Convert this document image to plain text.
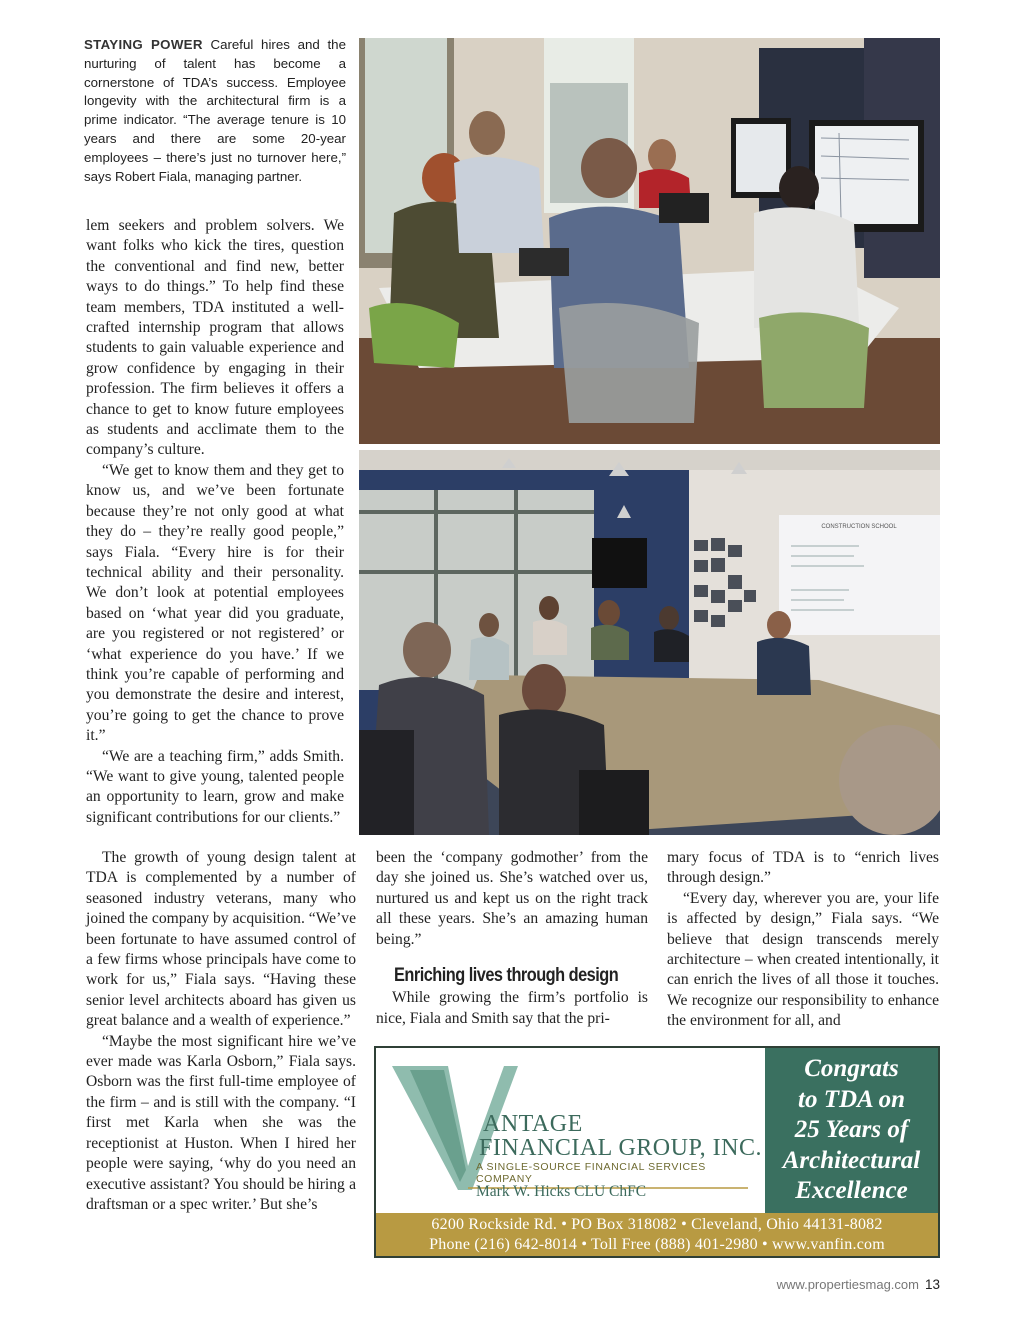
STAYING POWER Careful hires and the nurturing of talent has become a cornerstone of TDA’s success. Employee longevity with the architectural firm is a prime indicator. “The average tenure is 10 years and there are some 20-year employees – there’s just no turnover here,” says Robert Fiala, managing partner.

lem seekers and problem solvers. We want folks who kick the tires, question the conventional and find new, better ways to do things.” To help find these team members, TDA instituted a well-crafted internship program that allows students to gain valuable experience and grow confidence by engaging in their profession. The firm believes it offers a chance to get to know future employees as students and acclimate them to the company’s culture.

“We get to know them and they get to know us, and we’ve been fortunate because they’re not only good at what they do – they’re really good people,” says Fiala. “Every hire is for their technical ability and their personality. We don’t look at potential employees based on ‘what year did you graduate, are you registered or not registered’ or ‘what experience do you have.’ If we think you’re capable of performing and you demonstrate the desire and interest, you’re going to get the chance to prove it.”

“We are a teaching firm,” adds Smith. “We want to give young, talented people an opportunity to learn, grow and make significant contributions for our clients.”

The growth of young design talent at TDA is complemented by a number of seasoned industry veterans, many who joined the company by acquisition. “We’ve been fortunate to have assumed control of a few firms whose principals have come to work for us,” Fiala says. “Having these senior level architects aboard has given us great balance and a wealth of experience.”

“Maybe the most significant hire we’ve ever made was Karla Osborn,” Fiala says. Osborn was the first full-time employee of the firm – and is still with the company. “I first met Karla when she was the receptionist at Huston. When I hired her people were saying, ‘why do you need an executive assistant? You should be hiring a draftsman or a spec writer.’ But she’s

been the ‘company godmother’ from the day she joined us. She’s watched over us, nurtured us and kept us on the right track all these years. She’s an amazing human being.”

Enriching lives through design

While growing the firm’s portfolio is nice, Fiala and Smith say that the pri-

mary focus of TDA is to “enrich lives through design.”

“Every day, wherever you are, your life is affected by design,” Fiala says. “We believe that design transcends merely architecture – when created intentionally, it can enrich the lives of all those it touches. We recognize our responsibility to enhance the environment for all, and

CONSTRUCTION SCHOOL
ANTAGE
FINANCIAL GROUP, INC.
A SINGLE-SOURCE FINANCIAL SERVICES COMPANY
Mark W. Hicks CLU ChFC
Congrats
to TDA on
25 Years of
Architectural
Excellence
6200 Rockside Rd. • PO Box 318082 • Cleveland, Ohio 44131-8082
Phone (216) 642-8014 • Toll Free (888) 401-2980 • www.vanfin.com
www.propertiesmag.com 13
